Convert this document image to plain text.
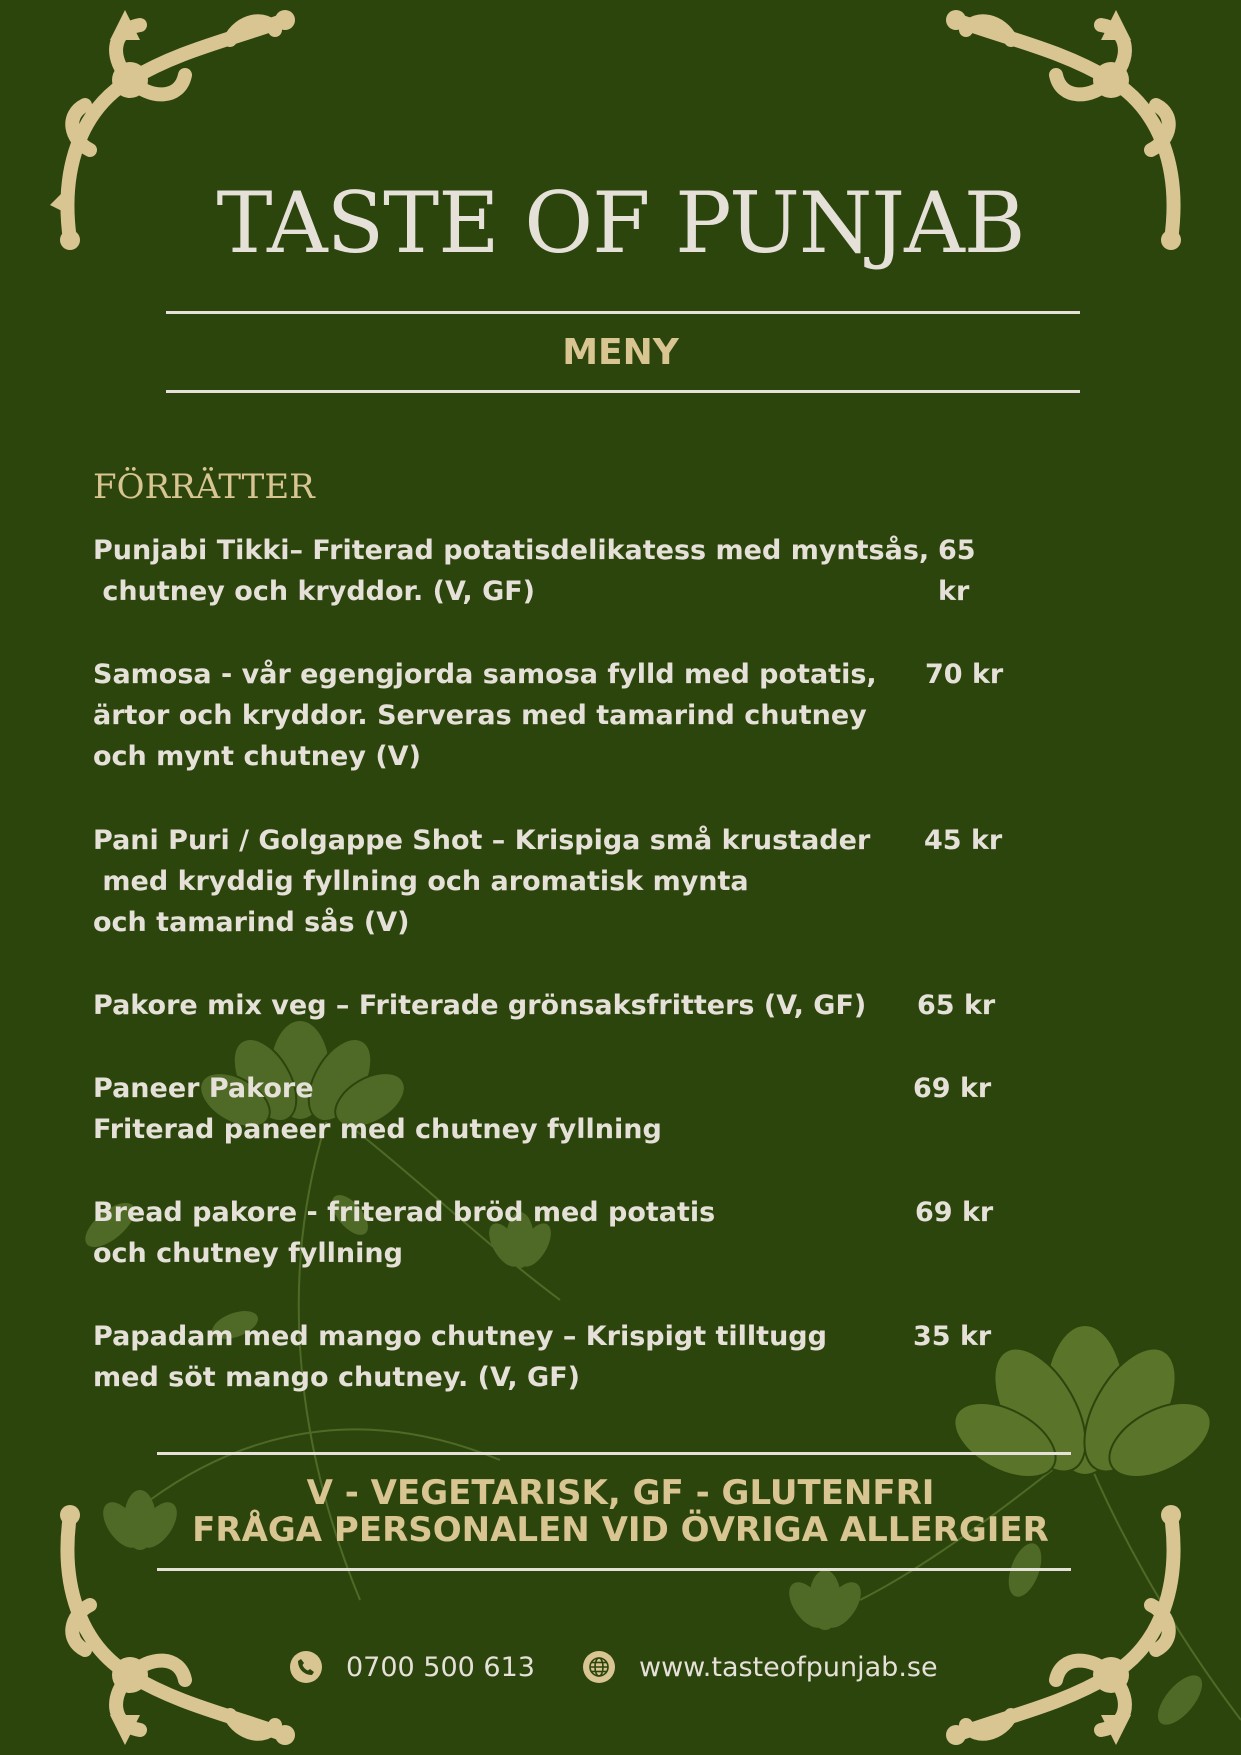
TASTE OF PUNJAB
MENY
FÖRRÄTTER
Punjabi Tikki– Friterad potatisdelikatess med myntsås,
chutney och kryddor. (V, GF)
65 kr
Samosa - vår egengjorda samosa fylld med potatis,
ärtor och kryddor. Serveras med tamarind chutney
och mynt chutney (V)
70 kr
Pani Puri / Golgappe Shot – Krispiga små krustader
med kryddig fyllning och aromatisk mynta
och tamarind sås (V)
45 kr
Pakore mix veg – Friterade grönsaksfritters (V, GF) 65 kr
Paneer Pakore
Friterad paneer med chutney fyllning
69 kr
Bread pakore - friterad bröd med potatis
och chutney fyllning
69 kr
Papadam med mango chutney – Krispigt tilltugg
med söt mango chutney. (V, GF)
35 kr
V - VEGETARISK, GF - GLUTENFRI
FRÅGA PERSONALEN VID ÖVRIGA ALLERGIER
0700 500 613	www.tasteofpunjab.se
